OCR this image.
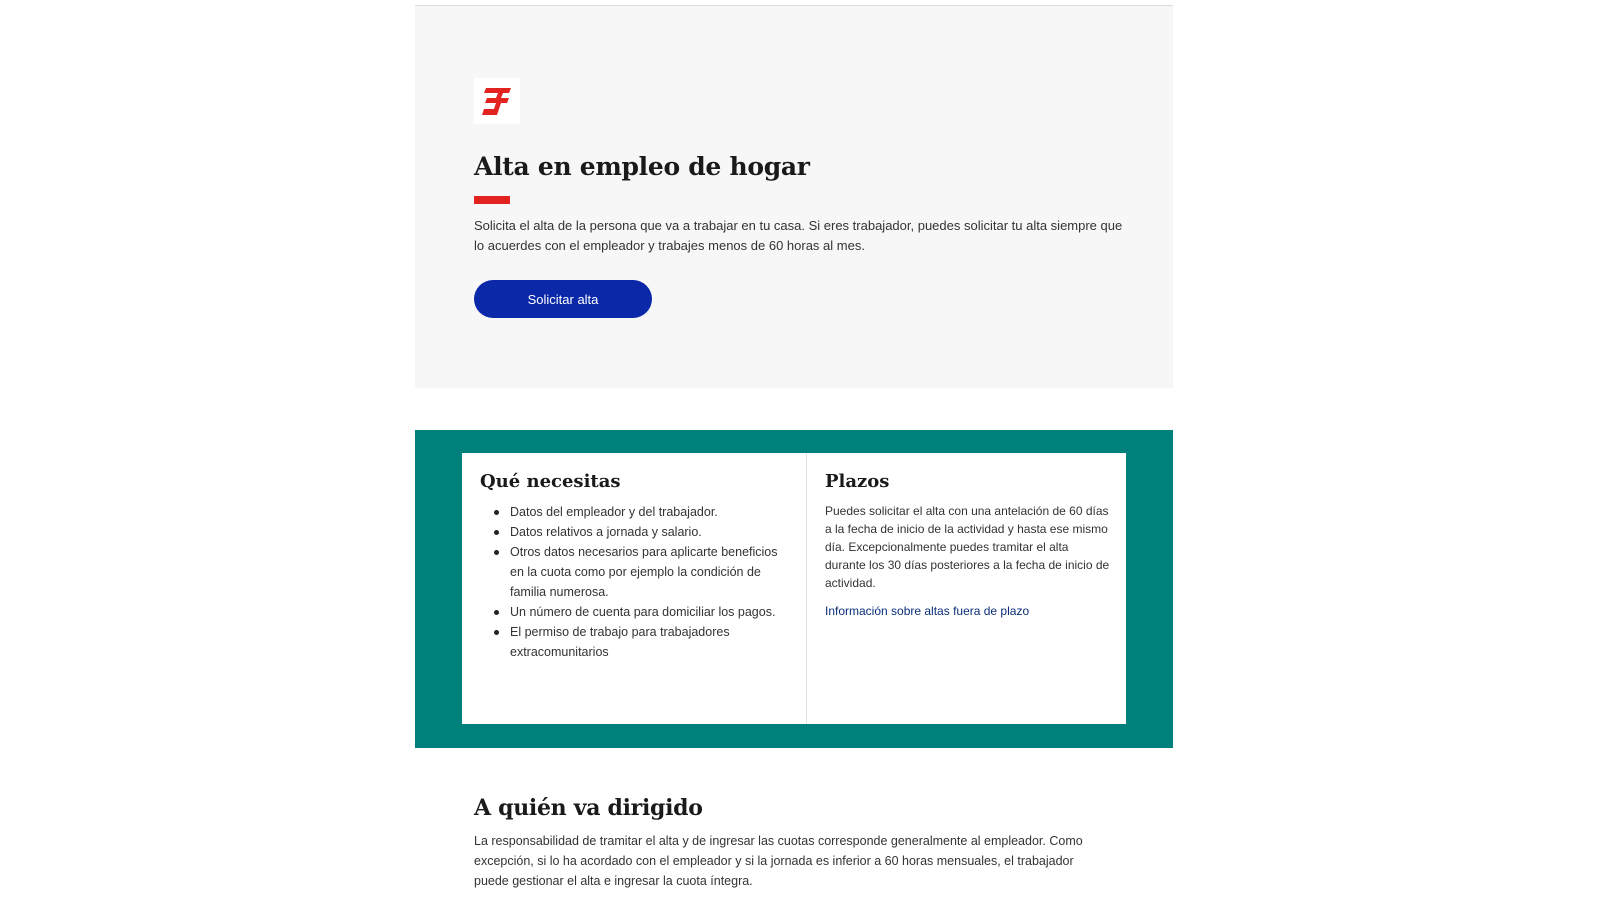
Alta en empleo de hogar

Solicita el alta de la persona que va a trabajar en tu casa. Si eres trabajador, puedes solicitar tu alta siempre que lo acuerdes con el empleador y trabajes menos de 60 horas al mes.

Solicitar alta
Qué necesitas
Datos del empleador y del trabajador.
Datos relativos a jornada y salario.
Otros datos necesarios para aplicarte beneficios en la cuota como por ejemplo la condición de familia numerosa.
Un número de cuenta para domiciliar los pagos.
El permiso de trabajo para trabajadores extracomunitarios
Plazos

Puedes solicitar el alta con una antelación de 60 días a la fecha de inicio de la actividad y hasta ese mismo día. Excepcionalmente puedes tramitar el alta durante los 30 días posteriores a la fecha de inicio de actividad.

Información sobre altas fuera de plazo
A quién va dirigido

La responsabilidad de tramitar el alta y de ingresar las cuotas corresponde generalmente al empleador. Como excepción, si lo ha acordado con el empleador y si la jornada es inferior a 60 horas mensuales, el trabajador puede gestionar el alta e ingresar la cuota íntegra.
